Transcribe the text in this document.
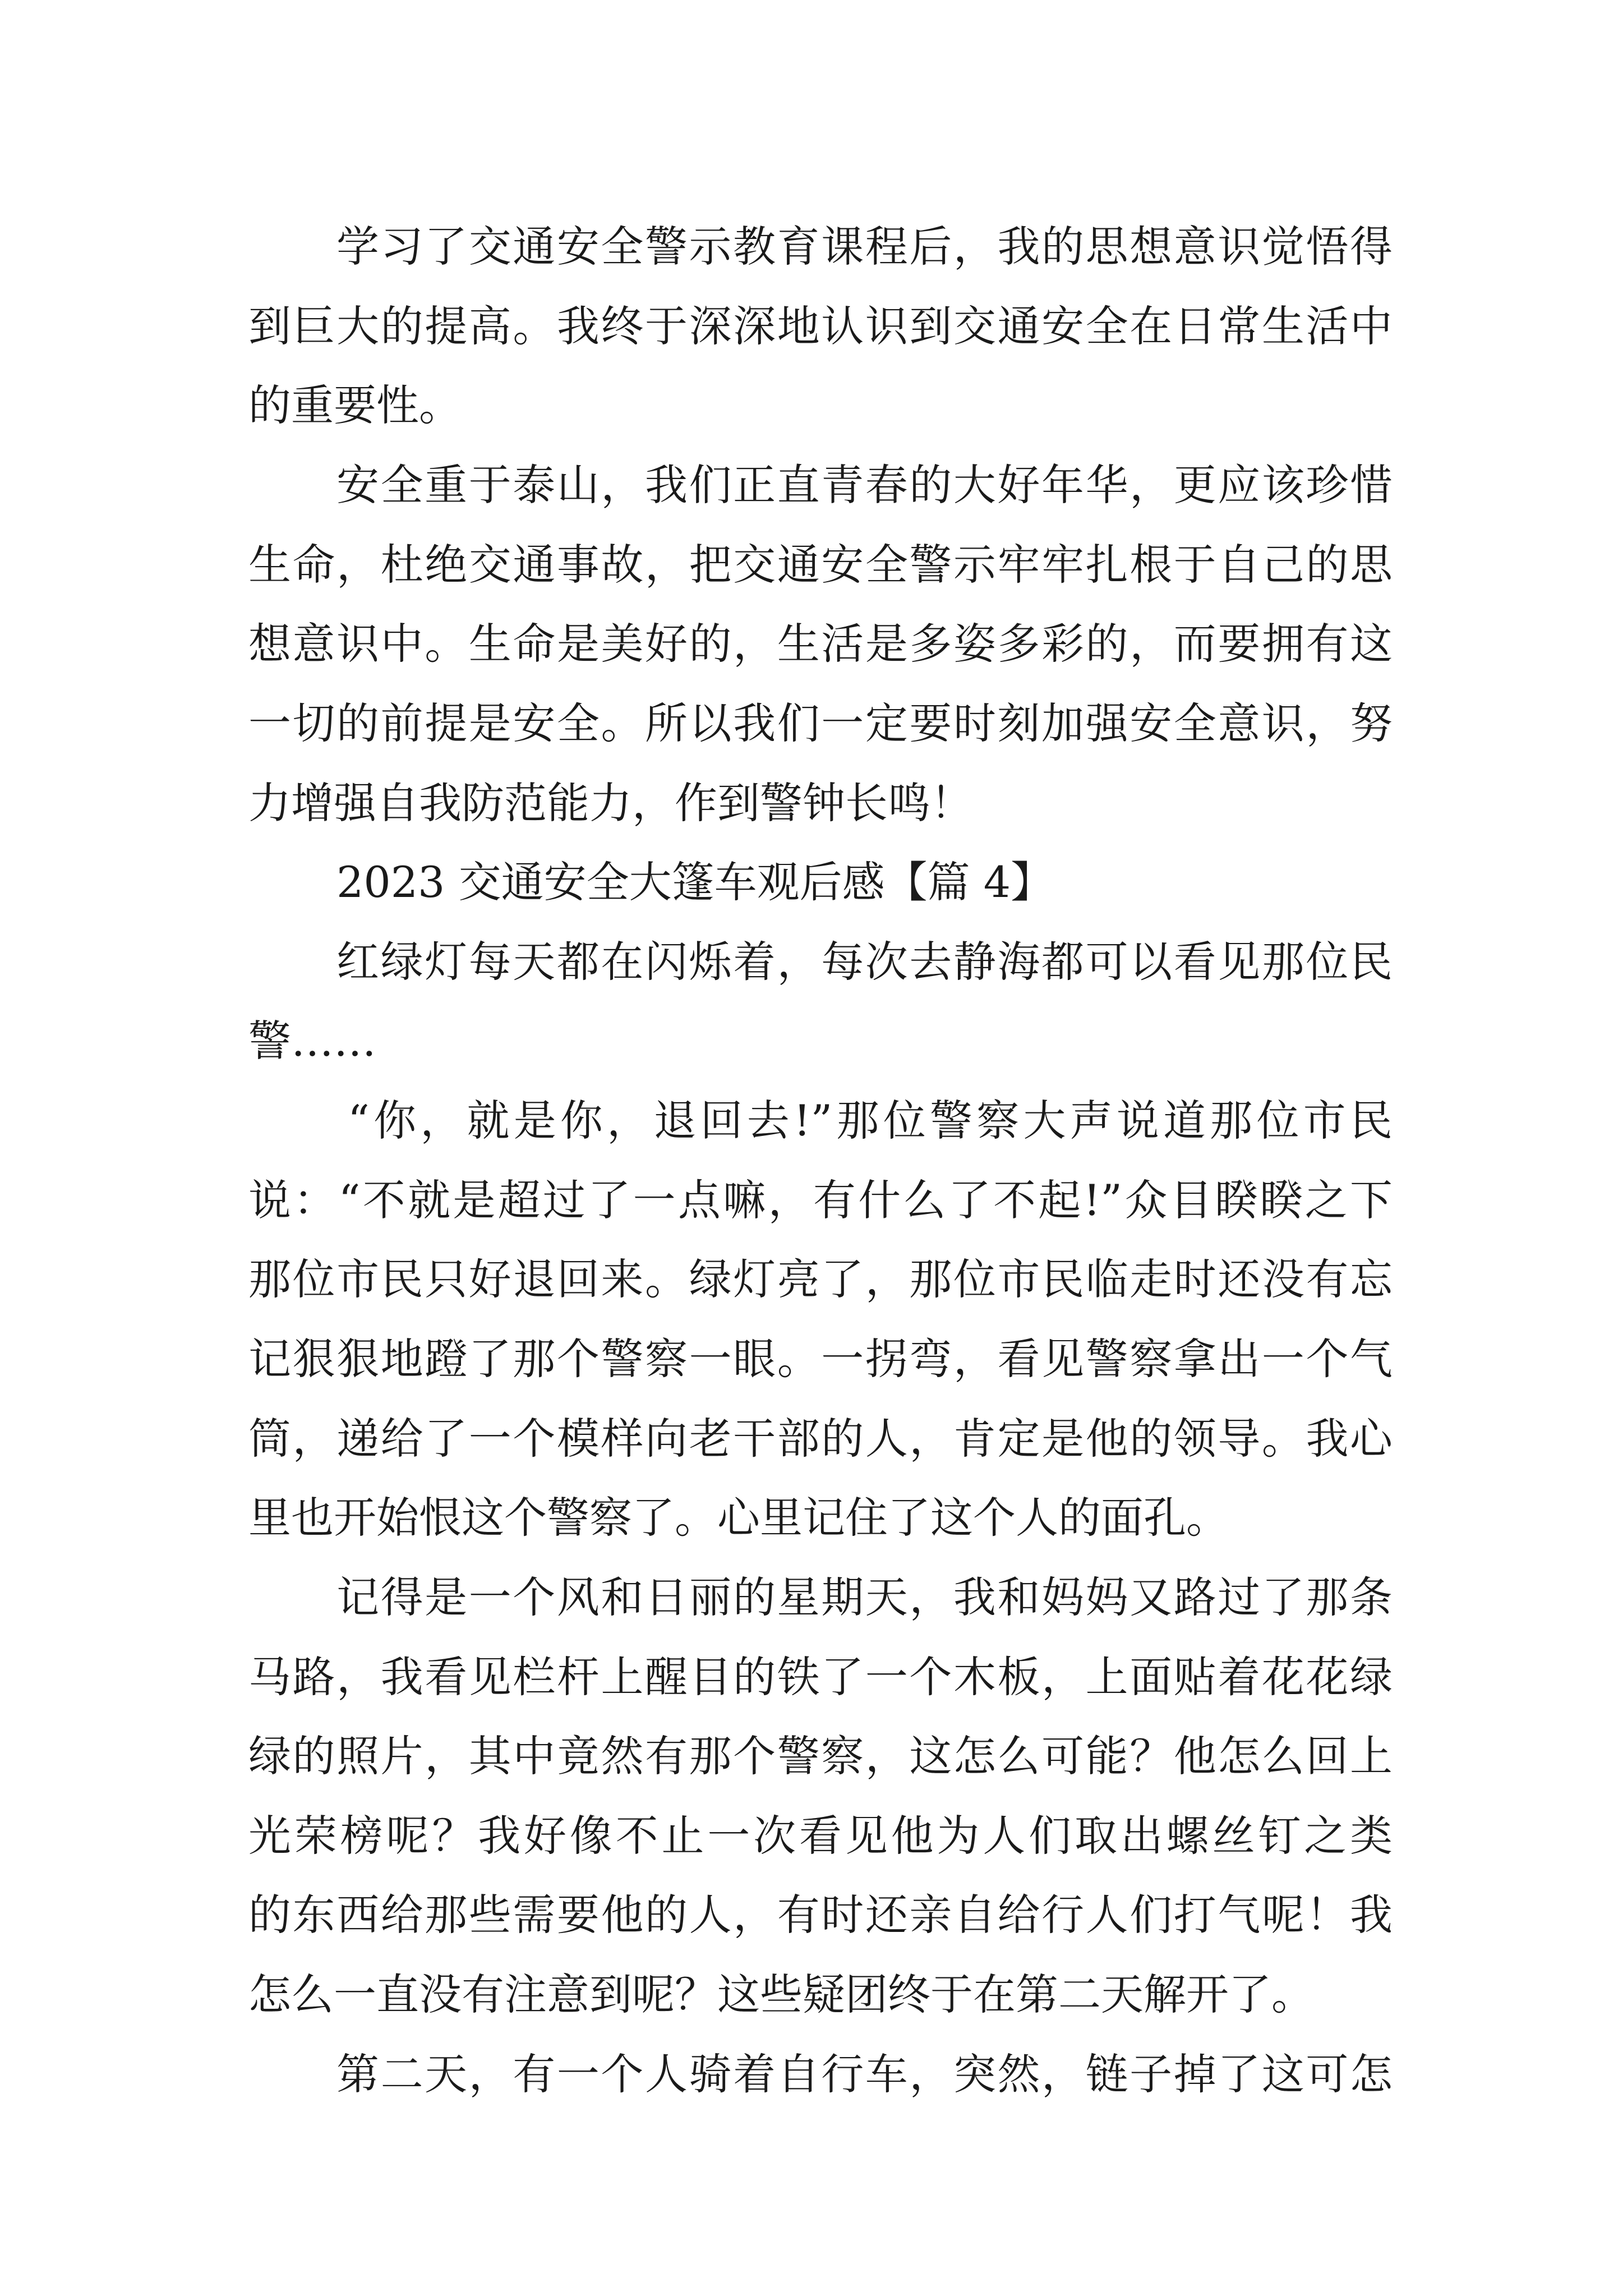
学习了交通安全警示教育课程后，我的思想意识觉悟得
到巨大的提高。我终于深深地认识到交通安全在日常生活中
的重要性。
安全重于泰山，我们正直青春的大好年华，更应该珍惜
生命，杜绝交通事故，把交通安全警示牢牢扎根于自己的思
想意识中。生命是美好的，生活是多姿多彩的，而要拥有这
一切的前提是安全。所以我们一定要时刻加强安全意识，努
力增强自我防范能力，作到警钟长鸣！
2023 交通安全大篷车观后感【篇 4】
红绿灯每天都在闪烁着，每次去静海都可以看见那位民
警……
“你，就是你，退回去!”那位警察大声说道那位市民
说：“不就是超过了一点嘛，有什么了不起!”众目睽睽之下
那位市民只好退回来。绿灯亮了，那位市民临走时还没有忘
记狠狠地蹬了那个警察一眼。一拐弯，看见警察拿出一个气
筒，递给了一个模样向老干部的人，肯定是他的领导。我心
里也开始恨这个警察了。心里记住了这个人的面孔。
记得是一个风和日丽的星期天，我和妈妈又路过了那条
马路，我看见栏杆上醒目的铁了一个木板，上面贴着花花绿
绿的照片，其中竟然有那个警察，这怎么可能？他怎么回上
光荣榜呢？我好像不止一次看见他为人们取出螺丝钉之类
的东西给那些需要他的人，有时还亲自给行人们打气呢！我
怎么一直没有注意到呢？这些疑团终于在第二天解开了。
第二天，有一个人骑着自行车，突然，链子掉了这可怎
